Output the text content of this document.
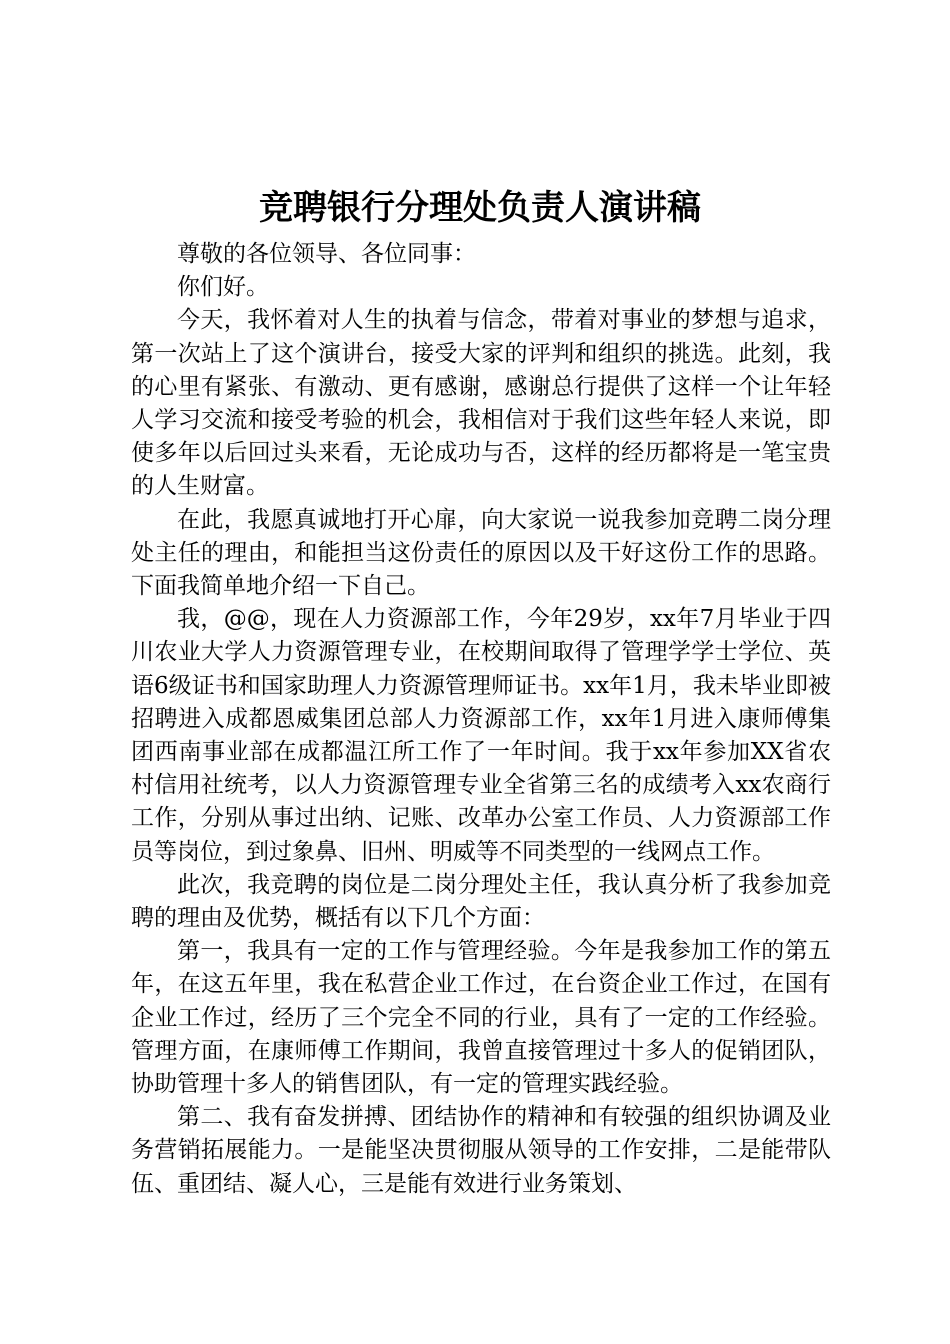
竞聘银行分理处负责人演讲稿

尊敬的各位领导、各位同事：

你们好。

今天，我怀着对人生的执着与信念，带着对事业的梦想与追求，第一次站上了这个演讲台，接受大家的评判和组织的挑选。此刻，我的心里有紧张、有激动、更有感谢，感谢总行提供了这样一个让年轻人学习交流和接受考验的机会，我相信对于我们这些年轻人来说，即使多年以后回过头来看，无论成功与否，这样的经历都将是一笔宝贵的人生财富。

在此，我愿真诚地打开心扉，向大家说一说我参加竞聘二岗分理处主任的理由，和能担当这份责任的原因以及干好这份工作的思路。下面我简单地介绍一下自己。

我，@@，现在人力资源部工作，今年29岁，xx年7月毕业于四川农业大学人力资源管理专业，在校期间取得了管理学学士学位、英语6级证书和国家助理人力资源管理师证书。xx年1月，我未毕业即被招聘进入成都恩威集团总部人力资源部工作，xx年1月进入康师傅集团西南事业部在成都温江所工作了一年时间。我于xx年参加XX省农村信用社统考，以人力资源管理专业全省第三名的成绩考入xx农商行工作，分别从事过出纳、记账、改革办公室工作员、人力资源部工作员等岗位，到过象鼻、旧州、明威等不同类型的一线网点工作。

此次，我竞聘的岗位是二岗分理处主任，我认真分析了我参加竞聘的理由及优势，概括有以下几个方面：

第一，我具有一定的工作与管理经验。今年是我参加工作的第五年，在这五年里，我在私营企业工作过，在台资企业工作过，在国有企业工作过，经历了三个完全不同的行业，具有了一定的工作经验。管理方面，在康师傅工作期间，我曾直接管理过十多人的促销团队，协助管理十多人的销售团队，有一定的管理实践经验。

第二、我有奋发拼搏、团结协作的精神和有较强的组织协调及业务营销拓展能力。一是能坚决贯彻服从领导的工作安排，二是能带队伍、重团结、凝人心，三是能有效进行业务策划、
